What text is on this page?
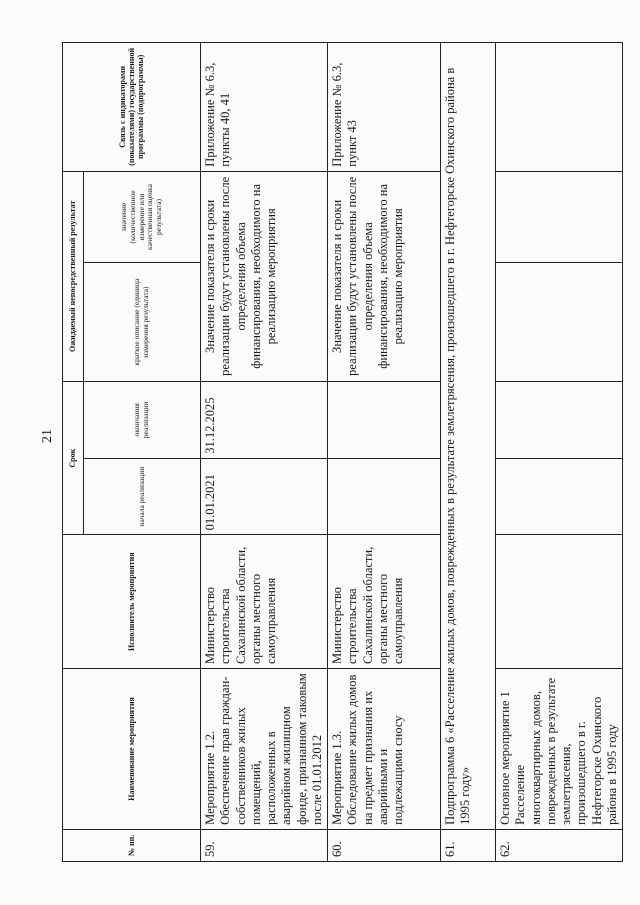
21
№ пп.	Наименование мероприятия	Исполнитель мероприятия	Срок		Ожидаемый непосредственный результат		Связь с индикаторами (показателями) государственной программы (подпрограммы)
			начала реализации	окончания реализации	краткое описание (единица измерения результата)	значение (количественное измерение или качественная оценка результата)	
59.	Мероприятие 1.2. Обеспечение прав граждан-собственников жилых помещений, расположенных в аварийном жилищном фонде, признанном таковым после 01.01.2012	Министерство строительства Сахалинской области, органы местного самоуправления	01.01.2021	31.12.2025	Значение показателя и сроки реализации будут установлены после определения объема финансирования, необходимого на реализацию мероприятия		Приложение № 6.3, пункты 40, 41
60.	Мероприятие 1.3. Обследование жилых домов на предмет признания их аварийными и подлежащими сносу	Министерство строительства Сахалинской области, органы местного самоуправления			Значение показателя и сроки реализации будут установлены после определения объема финансирования, необходимого на реализацию мероприятия		Приложение № 6.3, пункт 43
61.	Подпрограмма 6 «Расселение жилых домов, поврежденных в результате землетрясения, произошедшего в г. Нефтегорске Охинского района в 1995 году»						
62.	Основное мероприятие 1 Расселение многоквартирных домов, поврежденных в результате землетрясения, произошедшего в г. Нефтегорске Охинского района в 1995 году						
